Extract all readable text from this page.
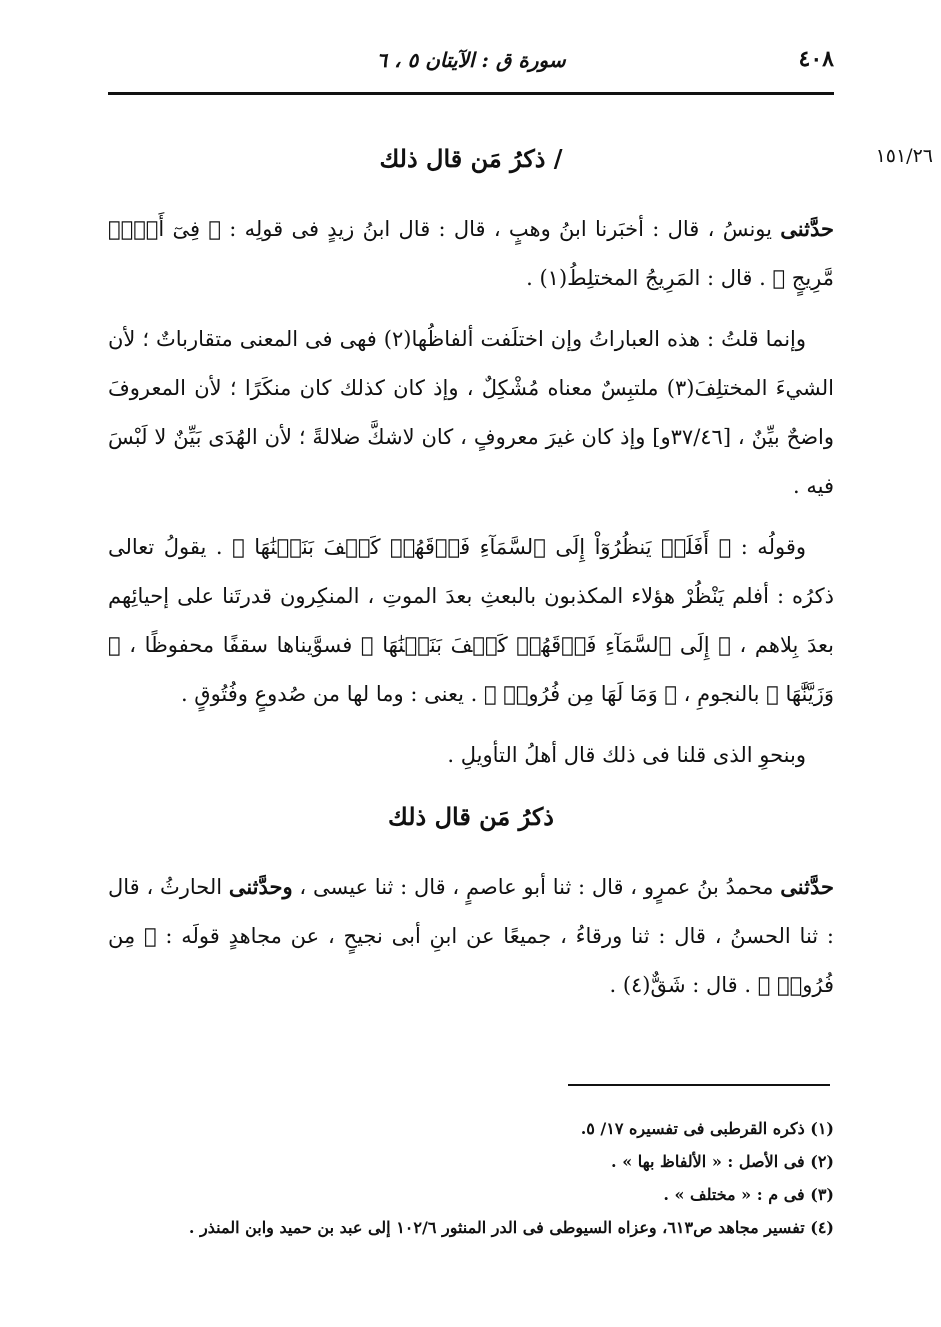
٤٠٨
سورة ق : الآيتان ٥ ، ٦
١٥١/٢٦
/ ذكرُ مَن قال ذلك

حدَّثنى يونسُ ، قال : أخبَرنا ابنُ وهبٍ ، قال : قال ابنُ زيدٍ فى قولِه : ﴿ فِىٓ أَمۡرٖ مَّرِيجٍ ﴾ . قال : المَرِيجُ المختلِطُ(١) .

وإنما قلتُ : هذه العباراتُ وإن اختلَفت ألفاظُها(٢) فهى فى المعنى متقارباتٌ ؛ لأن الشيءَ المختلِفَ(٣) ملتبِسٌ معناه مُشْكِلٌ ، وإذ كان كذلك كان منكَرًا ؛ لأن المعروفَ واضحٌ بيِّنٌ ، [٣٧/٤٦و] وإذ كان غيرَ معروفٍ ، كان لاشكَّ ضلالةً ؛ لأن الهُدَى بَيِّنٌ لا لَبْسَ فيه .

وقولُه : ﴿ أَفَلَمۡ يَنظُرُوٓاْ إِلَى ٱلسَّمَآءِ فَوۡقَهُمۡ كَيۡفَ بَنَيۡنَٰهَا ﴾ . يقولُ تعالى ذكرُه : أفلم يَنْظُرْ هؤلاء المكذبون بالبعثِ بعدَ الموتِ ، المنكِرون قدرتَنا على إحيائِهم بعدَ بِلاهم ، ﴿ إِلَى ٱلسَّمَآءِ فَوۡقَهُمۡ كَيۡفَ بَنَيۡنَٰهَا ﴾ فسوَّيناها سقفًا محفوظًا ، ﴿ وَزَيَّنَّٰهَا ﴾ بالنجومِ ، ﴿ وَمَا لَهَا مِن فُرُوجٖ ﴾ . يعنى : وما لها من صُدوعٍ وفُتُوقٍ .

وبنحوِ الذى قلنا فى ذلك قال أهلُ التأويلِ .

ذكرُ مَن قال ذلك

حدَّثنى محمدُ بنُ عمرٍو ، قال : ثنا أبو عاصمٍ ، قال : ثنا عيسى ، وحدَّثنى الحارثُ ، قال : ثنا الحسنُ ، قال : ثنا ورقاءُ ، جميعًا عن ابنِ أبى نجيحٍ ، عن مجاهدٍ قولَه : ﴿ مِن فُرُوجٖ ﴾ . قال : شَقٌّ(٤) .

(١) ذكره القرطبى فى تفسيره ١٧/ ٥.

(٢) فى الأصل : « الألفاظ بها » .

(٣) فى م : « مختلف » .

(٤) تفسير مجاهد ص٦١٣، وعزاه السيوطى فى الدر المنثور ١٠٢/٦ إلى عبد بن حميد وابن المنذر .
